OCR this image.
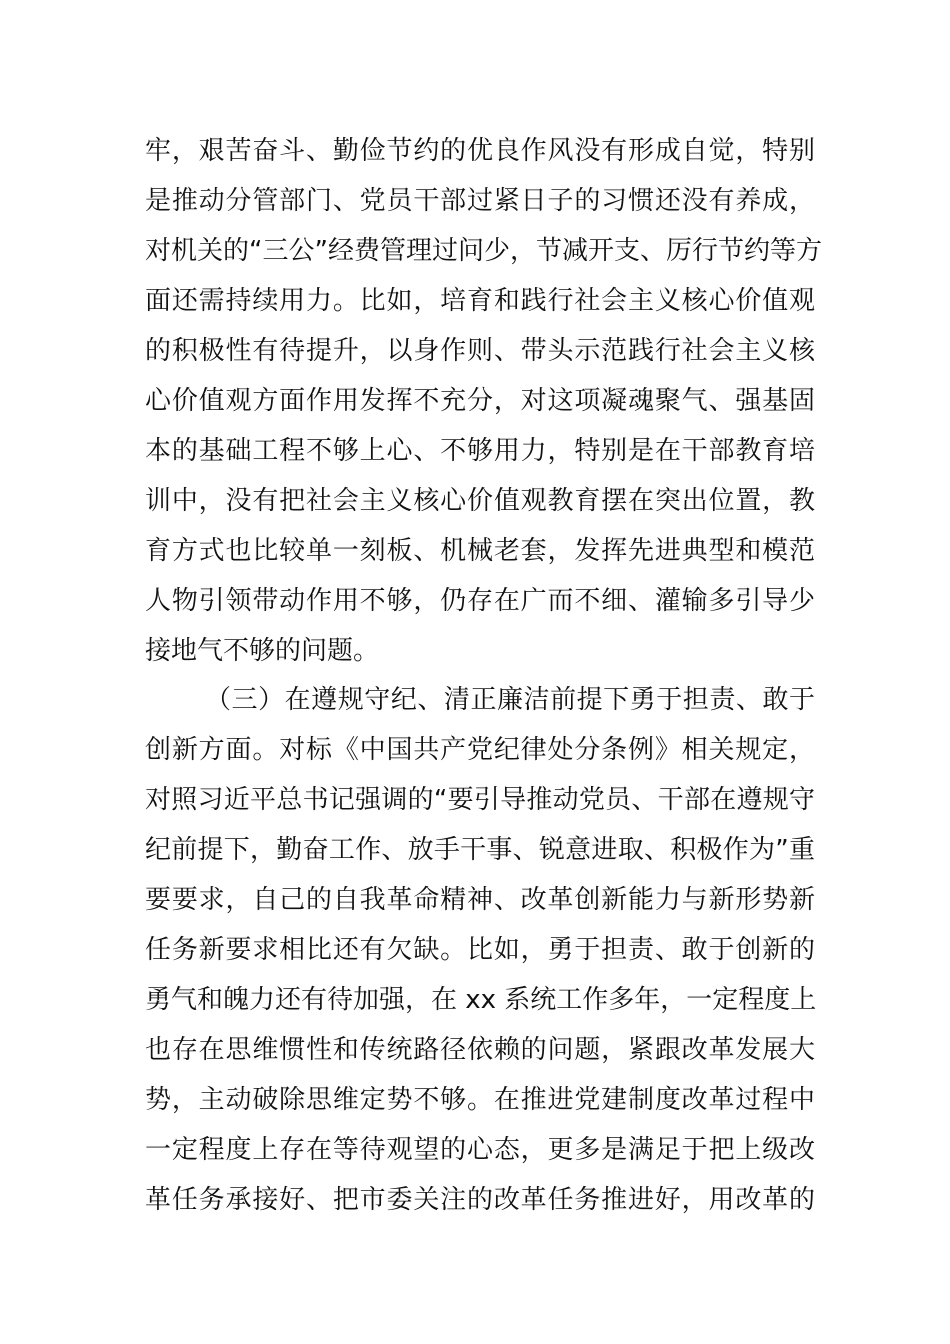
牢，艰苦奋斗、勤俭节约的优良作风没有形成自觉，特别
是推动分管部门、党员干部过紧日子的习惯还没有养成，
对机关的“三公”经费管理过问少，节减开支、厉行节约等方
面还需持续用力。比如，培育和践行社会主义核心价值观
的积极性有待提升，以身作则、带头示范践行社会主义核
心价值观方面作用发挥不充分，对这项凝魂聚气、强基固
本的基础工程不够上心、不够用力，特别是在干部教育培
训中，没有把社会主义核心价值观教育摆在突出位置，教
育方式也比较单一刻板、机械老套，发挥先进典型和模范
人物引领带动作用不够，仍存在广而不细、灌输多引导少
接地气不够的问题。
（三）在遵规守纪、清正廉洁前提下勇于担责、敢于
创新方面。对标《中国共产党纪律处分条例》相关规定，
对照习近平总书记强调的“要引导推动党员、干部在遵规守
纪前提下，勤奋工作、放手干事、锐意进取、积极作为”重
要要求，自己的自我革命精神、改革创新能力与新形势新
任务新要求相比还有欠缺。比如，勇于担责、敢于创新的
勇气和魄力还有待加强，在 xx 系统工作多年，一定程度上
也存在思维惯性和传统路径依赖的问题，紧跟改革发展大
势，主动破除思维定势不够。在推进党建制度改革过程中
一定程度上存在等待观望的心态，更多是满足于把上级改
革任务承接好、把市委关注的改革任务推进好，用改革的
